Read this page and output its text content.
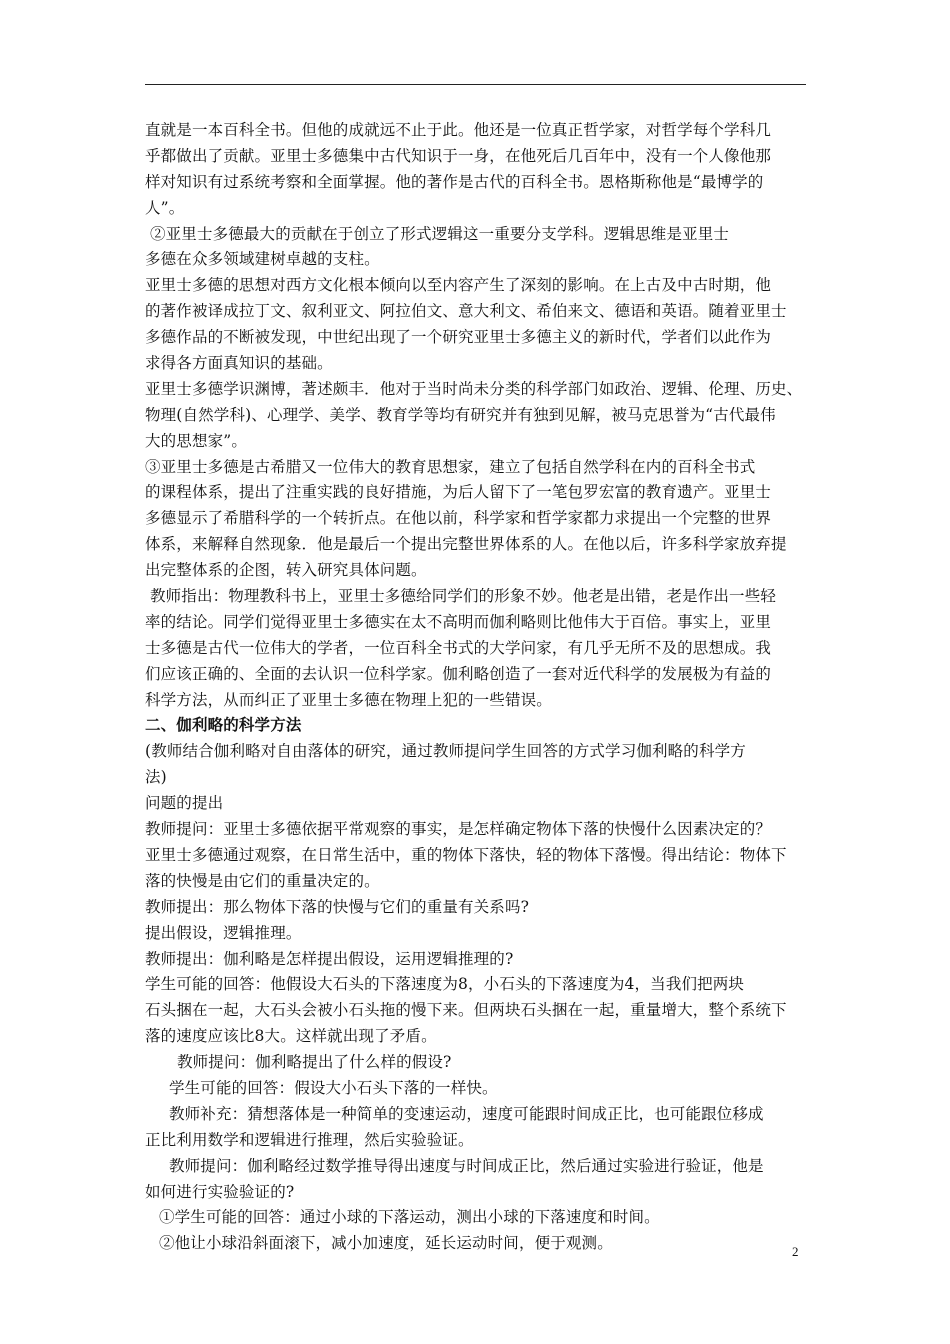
直就是一本百科全书。但他的成就远不止于此。他还是一位真正哲学家，对哲学每个学科几
乎都做出了贡献。亚里士多德集中古代知识于一身，在他死后几百年中，没有一个人像他那
样对知识有过系统考察和全面掌握。他的著作是古代的百科全书。恩格斯称他是“最博学的
人”。
②亚里士多德最大的贡献在于创立了形式逻辑这一重要分支学科。逻辑思维是亚里士
多德在众多领域建树卓越的支柱。
亚里士多德的思想对西方文化根本倾向以至内容产生了深刻的影响。在上古及中古时期，他
的著作被译成拉丁文、叙利亚文、阿拉伯文、意大利文、希伯来文、德语和英语。随着亚里士
多德作品的不断被发现，中世纪出现了一个研究亚里士多德主义的新时代，学者们以此作为
求得各方面真知识的基础。
亚里士多德学识渊博，著述颇丰．他对于当时尚未分类的科学部门如政治、逻辑、伦理、历史、
物理(自然学科)、心理学、美学、教育学等均有研究并有独到见解，被马克思誉为“古代最伟
大的思想家”。
③亚里士多德是古希腊又一位伟大的教育思想家，建立了包括自然学科在内的百科全书式
的课程体系，提出了注重实践的良好措施，为后人留下了一笔包罗宏富的教育遗产。亚里士
多德显示了希腊科学的一个转折点。在他以前，科学家和哲学家都力求提出一个完整的世界
体系，来解释自然现象．他是最后一个提出完整世界体系的人。在他以后，许多科学家放弃提
出完整体系的企图，转入研究具体问题。
教师指出：物理教科书上，亚里士多德给同学们的形象不妙。他老是出错，老是作出一些轻
率的结论。同学们觉得亚里士多德实在太不高明而伽利略则比他伟大于百倍。事实上，亚里
士多德是古代一位伟大的学者，一位百科全书式的大学问家，有几乎无所不及的思想成。我
们应该正确的、全面的去认识一位科学家。伽利略创造了一套对近代科学的发展极为有益的
科学方法，从而纠正了亚里士多德在物理上犯的一些错误。
二、伽利略的科学方法
(教师结合伽利略对自由落体的研究，通过教师提问学生回答的方式学习伽利略的科学方
法)
问题的提出
教师提问：亚里士多德依据平常观察的事实，是怎样确定物体下落的快慢什么因素决定的？
亚里士多德通过观察，在日常生活中，重的物体下落快，轻的物体下落慢。得出结论：物体下
落的快慢是由它们的重量决定的。
教师提出：那么物体下落的快慢与它们的重量有关系吗?
提出假设，逻辑推理。
教师提出：伽利略是怎样提出假设，运用逻辑推理的?
学生可能的回答：他假设大石头的下落速度为8，小石头的下落速度为4，当我们把两块
石头捆在一起，大石头会被小石头拖的慢下来。但两块石头捆在一起，重量增大，整个系统下
落的速度应该比8大。这样就出现了矛盾。
教师提问：伽利略提出了什么样的假设?
学生可能的回答：假设大小石头下落的一样快。
教师补充：猜想落体是一种简单的变速运动，速度可能跟时间成正比，也可能跟位移成
正比利用数学和逻辑进行推理，然后实验验证。
教师提问：伽利略经过数学推导得出速度与时间成正比，然后通过实验进行验证，他是
如何进行实验验证的?
①学生可能的回答：通过小球的下落运动，测出小球的下落速度和时间。
②他让小球沿斜面滚下，减小加速度，延长运动时间，便于观测。	2
